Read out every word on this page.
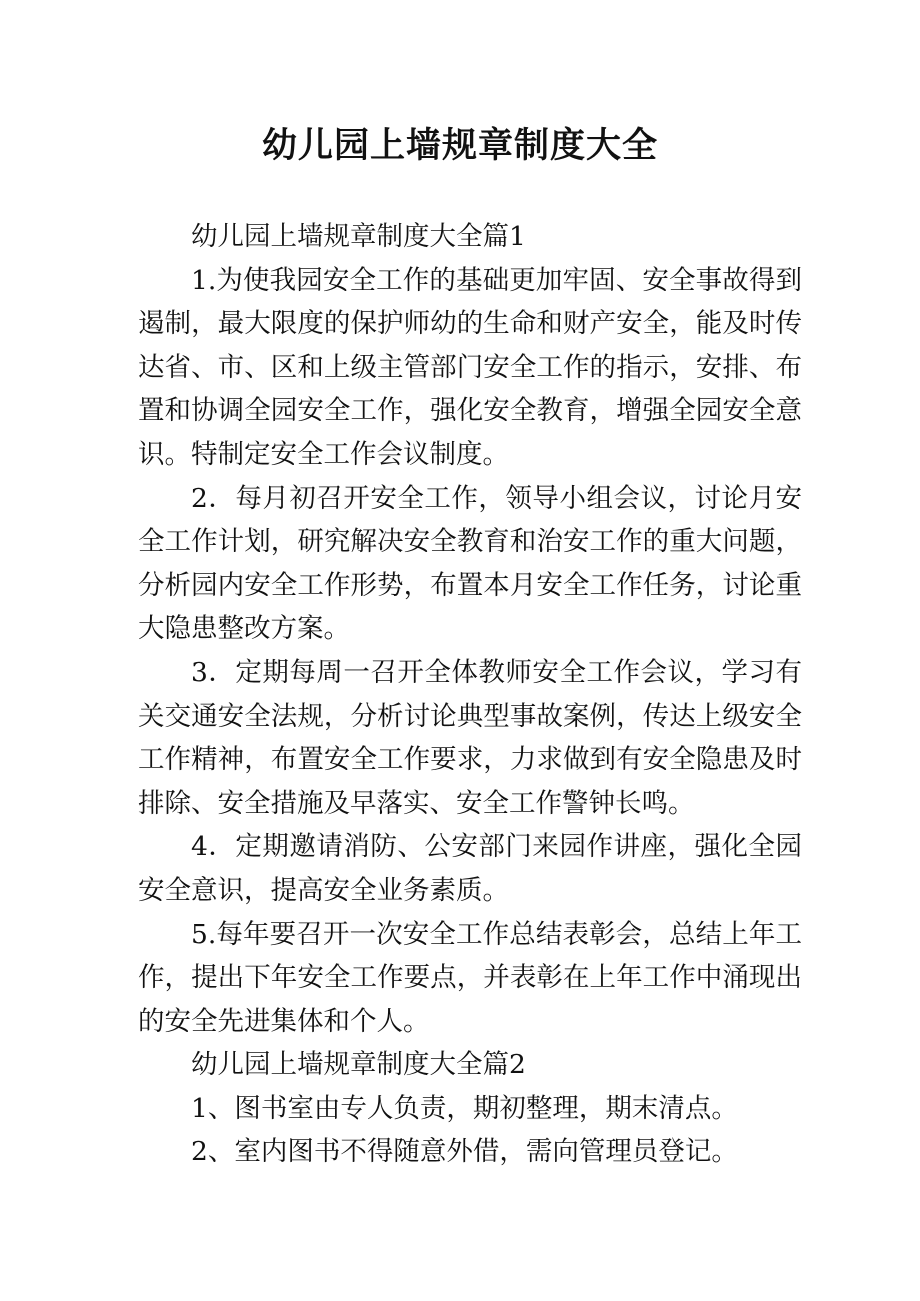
幼儿园上墙规章制度大全

幼儿园上墙规章制度大全篇1

1.为使我园安全工作的基础更加牢固、安全事故得到遏制，最大限度的保护师幼的生命和财产安全，能及时传达省、市、区和上级主管部门安全工作的指示，安排、布置和协调全园安全工作，强化安全教育，增强全园安全意识。特制定安全工作会议制度。

2．每月初召开安全工作，领导小组会议，讨论月安全工作计划，研究解决安全教育和治安工作的重大问题，分析园内安全工作形势，布置本月安全工作任务，讨论重大隐患整改方案。

3．定期每周一召开全体教师安全工作会议，学习有关交通安全法规，分析讨论典型事故案例，传达上级安全工作精神，布置安全工作要求，力求做到有安全隐患及时排除、安全措施及早落实、安全工作警钟长鸣。

4．定期邀请消防、公安部门来园作讲座，强化全园安全意识，提高安全业务素质。

5.每年要召开一次安全工作总结表彰会，总结上年工作，提出下年安全工作要点，并表彰在上年工作中涌现出的安全先进集体和个人。

幼儿园上墙规章制度大全篇2

1、图书室由专人负责，期初整理，期末清点。

2、室内图书不得随意外借，需向管理员登记。
